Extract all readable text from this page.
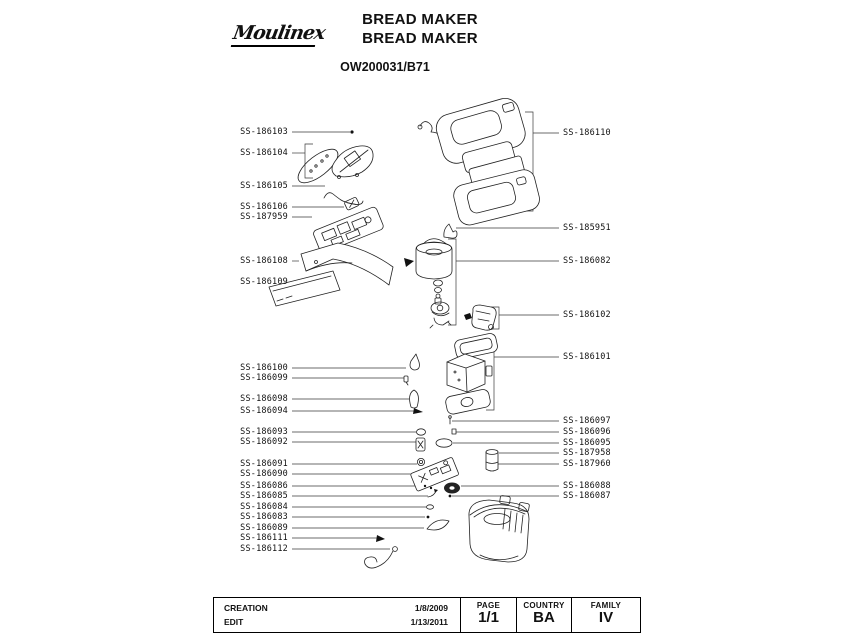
Moulinex
BREAD MAKER
BREAD MAKER
OW200031/B71
SS-186103
SS-186104
SS-186105
SS-186106
SS-187959
SS-186108
SS-186109
SS-186100
SS-186099
SS-186098
SS-186094
SS-186093
SS-186092
SS-186091
SS-186090
SS-186086
SS-186085
SS-186084
SS-186083
SS-186089
SS-186111
SS-186112
SS-186110
SS-185951
SS-186082
SS-186102
SS-186101
SS-186097
SS-186096
SS-186095
SS-187958
SS-187960
SS-186088
SS-186087
CREATION	1/8/2009
EDIT	1/13/2011
PAGE
1/1
COUNTRY
BA
FAMILY
IV
